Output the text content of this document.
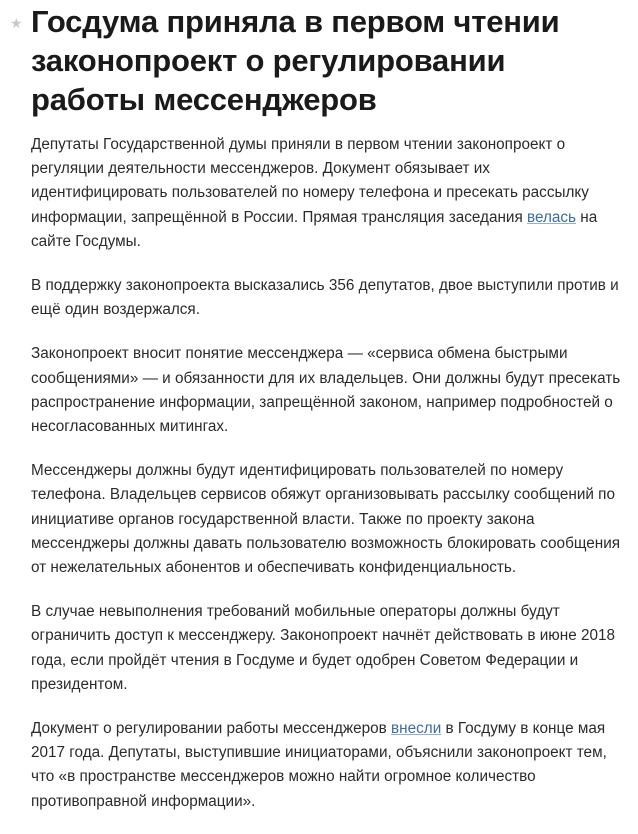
★ Госдума приняла в первом чтении законопроект о регулировании работы мессенджеров

Депутаты Государственной думы приняли в первом чтении законопроект о регуляции деятельности мессенджеров. Документ обязывает их идентифицировать пользователей по номеру телефона и пресекать рассылку информации, запрещённой в России. Прямая трансляция заседания велась на сайте Госдумы.

В поддержку законопроекта высказались 356 депутатов, двое выступили против и ещё один воздержался.

Законопроект вносит понятие мессенджера — «сервиса обмена быстрыми сообщениями» — и обязанности для их владельцев. Они должны будут пресекать распространение информации, запрещённой законом, например подробностей о несогласованных митингах.

Мессенджеры должны будут идентифицировать пользователей по номеру телефона. Владельцев сервисов обяжут организовывать рассылку сообщений по инициативе органов государственной власти. Также по проекту закона мессенджеры должны давать пользователю возможность блокировать сообщения от нежелательных абонентов и обеспечивать конфиденциальность.

В случае невыполнения требований мобильные операторы должны будут ограничить доступ к мессенджеру. Законопроект начнёт действовать в июне 2018 года, если пройдёт чтения в Госдуме и будет одобрен Советом Федерации и президентом.

Документ о регулировании работы мессенджеров внесли в Госдуму в конце мая 2017 года. Депутаты, выступившие инициаторами, объяснили законопроект тем, что «в пространстве мессенджеров можно найти огромное количество противоправной информации».
